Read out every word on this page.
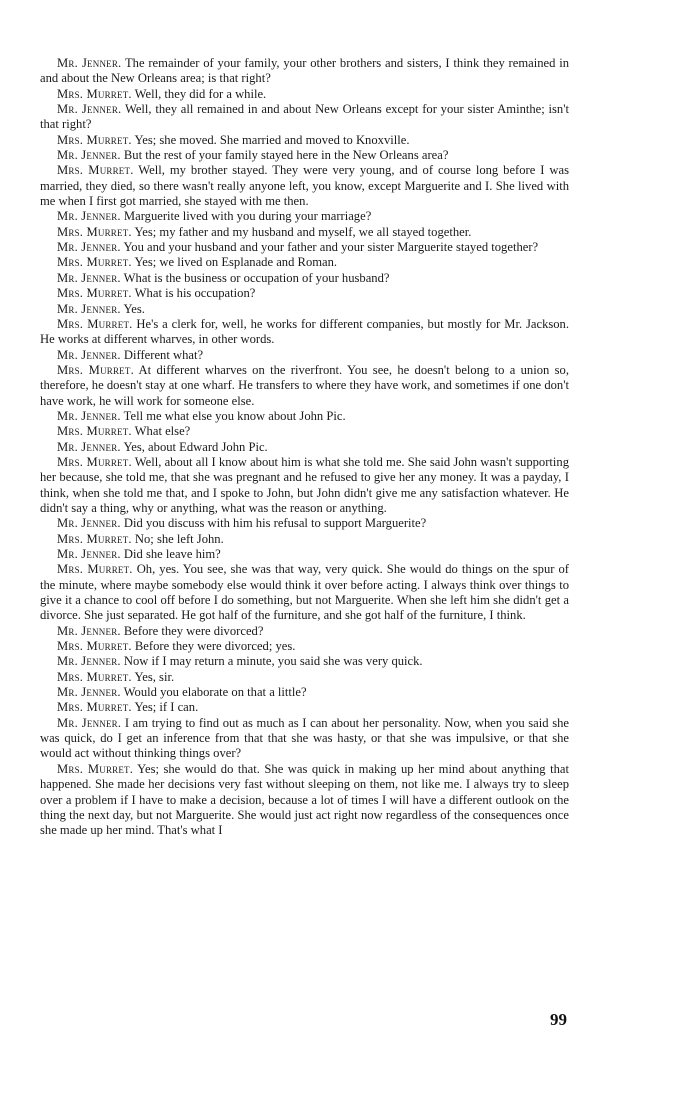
Mr. Jenner. The remainder of your family, your other brothers and sisters, I think they remained in and about the New Orleans area; is that right?

Mrs. Murret. Well, they did for a while.

Mr. Jenner. Well, they all remained in and about New Orleans except for your sister Aminthe; isn't that right?

Mrs. Murret. Yes; she moved. She married and moved to Knoxville.

Mr. Jenner. But the rest of your family stayed here in the New Orleans area?

Mrs. Murret. Well, my brother stayed. They were very young, and of course long before I was married, they died, so there wasn't really anyone left, you know, except Marguerite and I. She lived with me when I first got married, she stayed with me then.

Mr. Jenner. Marguerite lived with you during your marriage?

Mrs. Murret. Yes; my father and my husband and myself, we all stayed together.

Mr. Jenner. You and your husband and your father and your sister Marguerite stayed together?

Mrs. Murret. Yes; we lived on Esplanade and Roman.

Mr. Jenner. What is the business or occupation of your husband?

Mrs. Murret. What is his occupation?

Mr. Jenner. Yes.

Mrs. Murret. He's a clerk for, well, he works for different companies, but mostly for Mr. Jackson. He works at different wharves, in other words.

Mr. Jenner. Different what?

Mrs. Murret. At different wharves on the riverfront. You see, he doesn't belong to a union so, therefore, he doesn't stay at one wharf. He transfers to where they have work, and sometimes if one don't have work, he will work for someone else.

Mr. Jenner. Tell me what else you know about John Pic.

Mrs. Murret. What else?

Mr. Jenner. Yes, about Edward John Pic.

Mrs. Murret. Well, about all I know about him is what she told me. She said John wasn't supporting her because, she told me, that she was pregnant and he refused to give her any money. It was a payday, I think, when she told me that, and I spoke to John, but John didn't give me any satisfaction whatever. He didn't say a thing, why or anything, what was the reason or anything.

Mr. Jenner. Did you discuss with him his refusal to support Marguerite?

Mrs. Murret. No; she left John.

Mr. Jenner. Did she leave him?

Mrs. Murret. Oh, yes. You see, she was that way, very quick. She would do things on the spur of the minute, where maybe somebody else would think it over before acting. I always think over things to give it a chance to cool off before I do something, but not Marguerite. When she left him she didn't get a divorce. She just separated. He got half of the furniture, and she got half of the furniture, I think.

Mr. Jenner. Before they were divorced?

Mrs. Murret. Before they were divorced; yes.

Mr. Jenner. Now if I may return a minute, you said she was very quick.

Mrs. Murret. Yes, sir.

Mr. Jenner. Would you elaborate on that a little?

Mrs. Murret. Yes; if I can.

Mr. Jenner. I am trying to find out as much as I can about her personality. Now, when you said she was quick, do I get an inference from that that she was hasty, or that she was impulsive, or that she would act without thinking things over?

Mrs. Murret. Yes; she would do that. She was quick in making up her mind about anything that happened. She made her decisions very fast without sleeping on them, not like me. I always try to sleep over a problem if I have to make a decision, because a lot of times I will have a different outlook on the thing the next day, but not Marguerite. She would just act right now regardless of the consequences once she made up her mind. That's what I

99
